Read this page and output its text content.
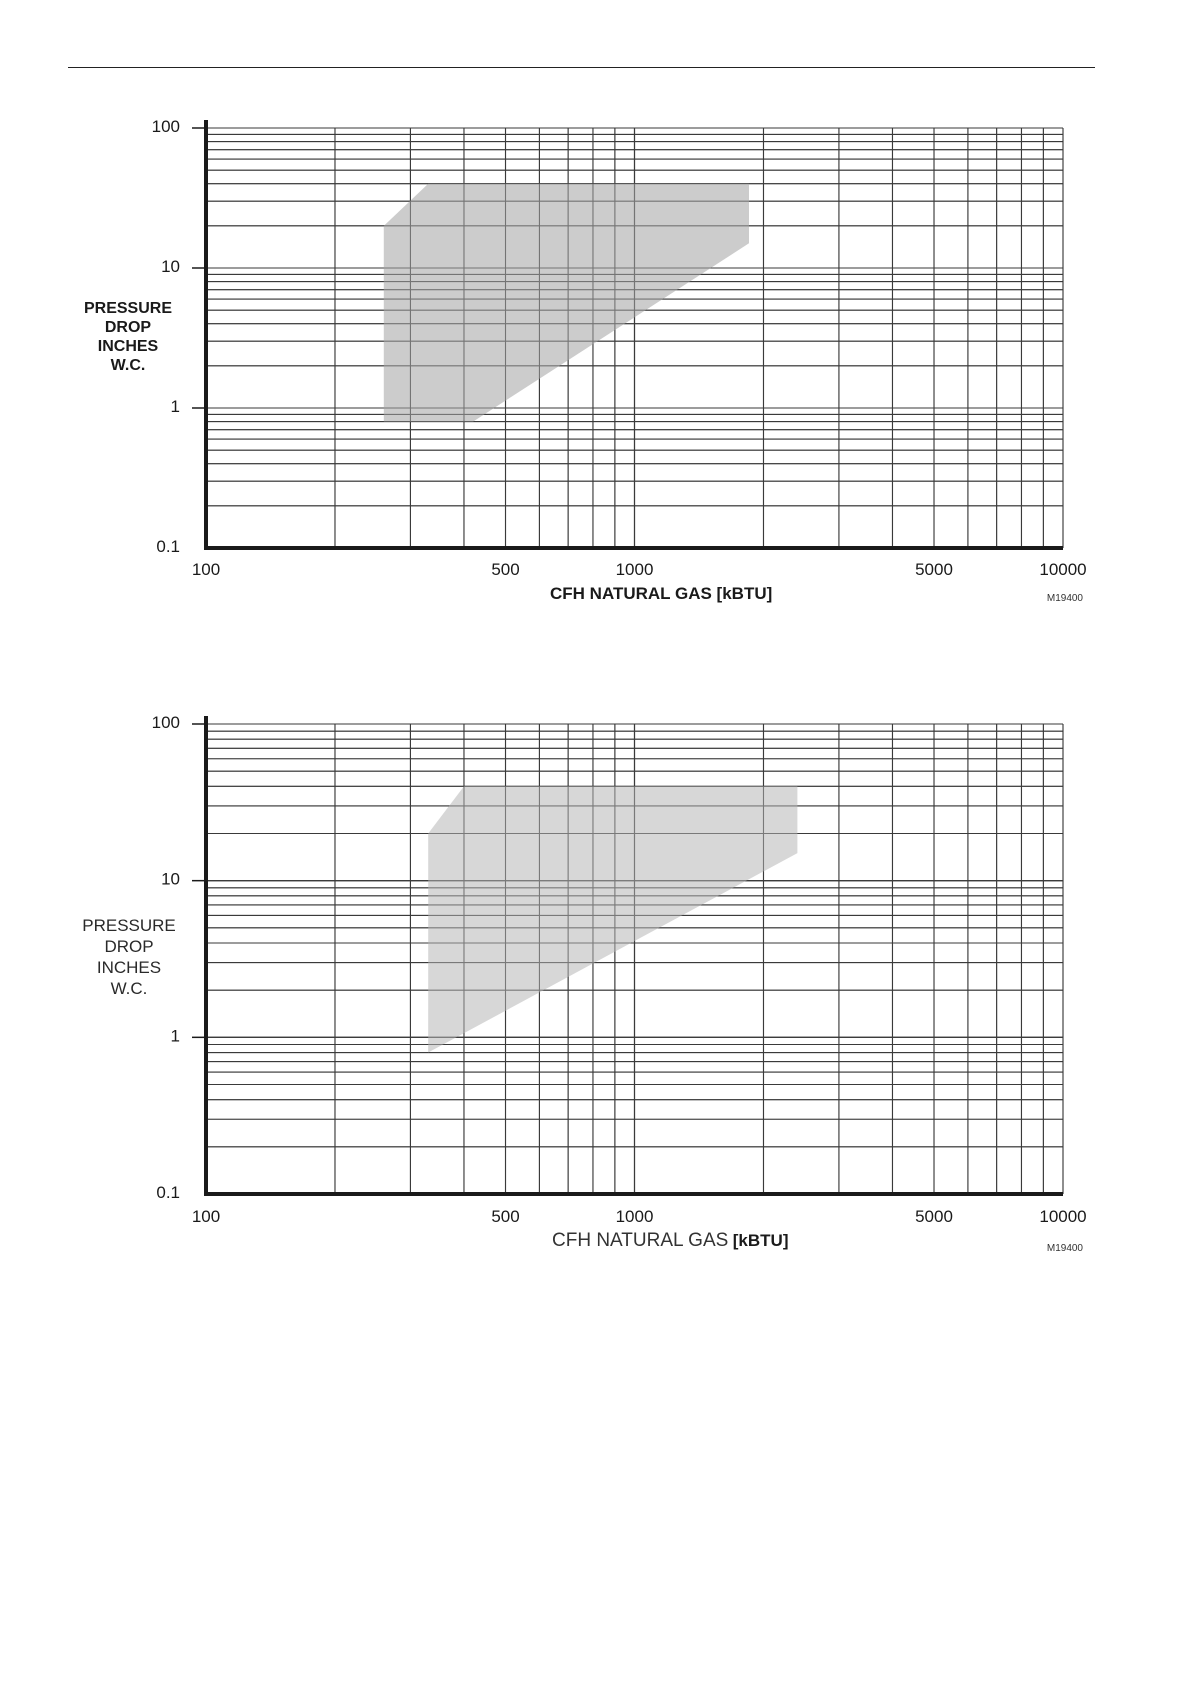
100	500	1000	5000	10000
100
10
1
0.1
PRESSURE
DROP
INCHES
W.C.
CFH NATURAL GAS [kBTU]	M19400
100	500	1000	5000	10000
100
10
1
0.1
PRESSURE
DROP
INCHES
W.C.
CFH NATURAL GAS [kBTU]	M19400
